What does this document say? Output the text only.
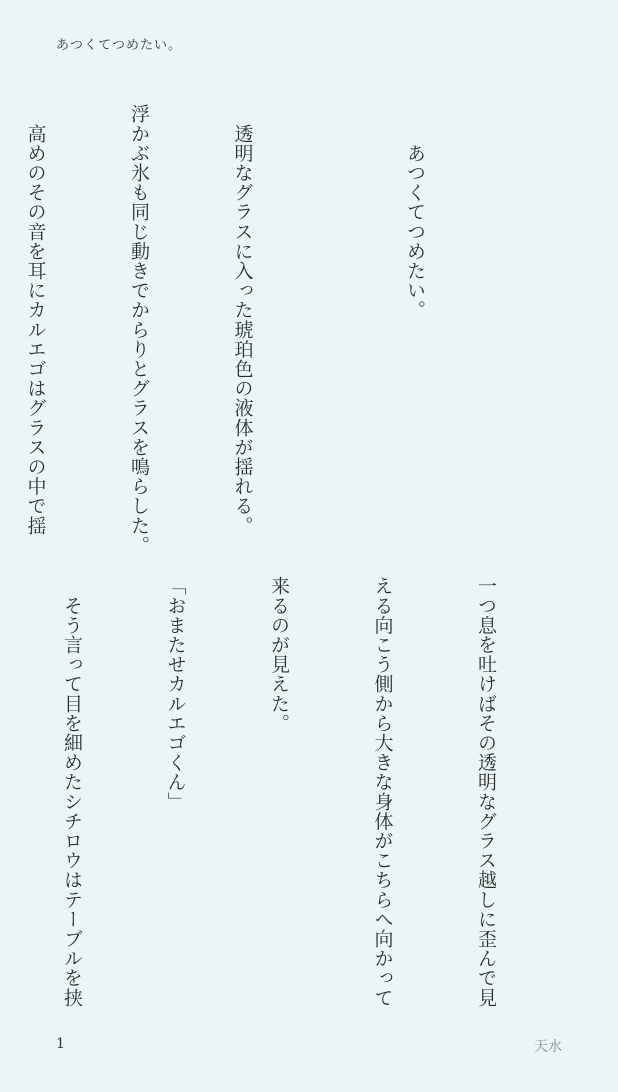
あつくてつめたい。

　　あつくてつめたい。

　透明なグラスに入った琥珀色の液体が揺れる。

浮かぶ氷も同じ動きでからりとグラスを鳴らした。

　高めのその音を耳にカルエゴはグラスの中で揺

一つ息を吐けばその透明なグラス越しに歪んで見

える向こう側から大きな身体がこちらへ向かって

来るのが見えた。

「おまたせカルエゴくん」

　そう言って目を細めたシチロウはテーブルを挟

1	天水
